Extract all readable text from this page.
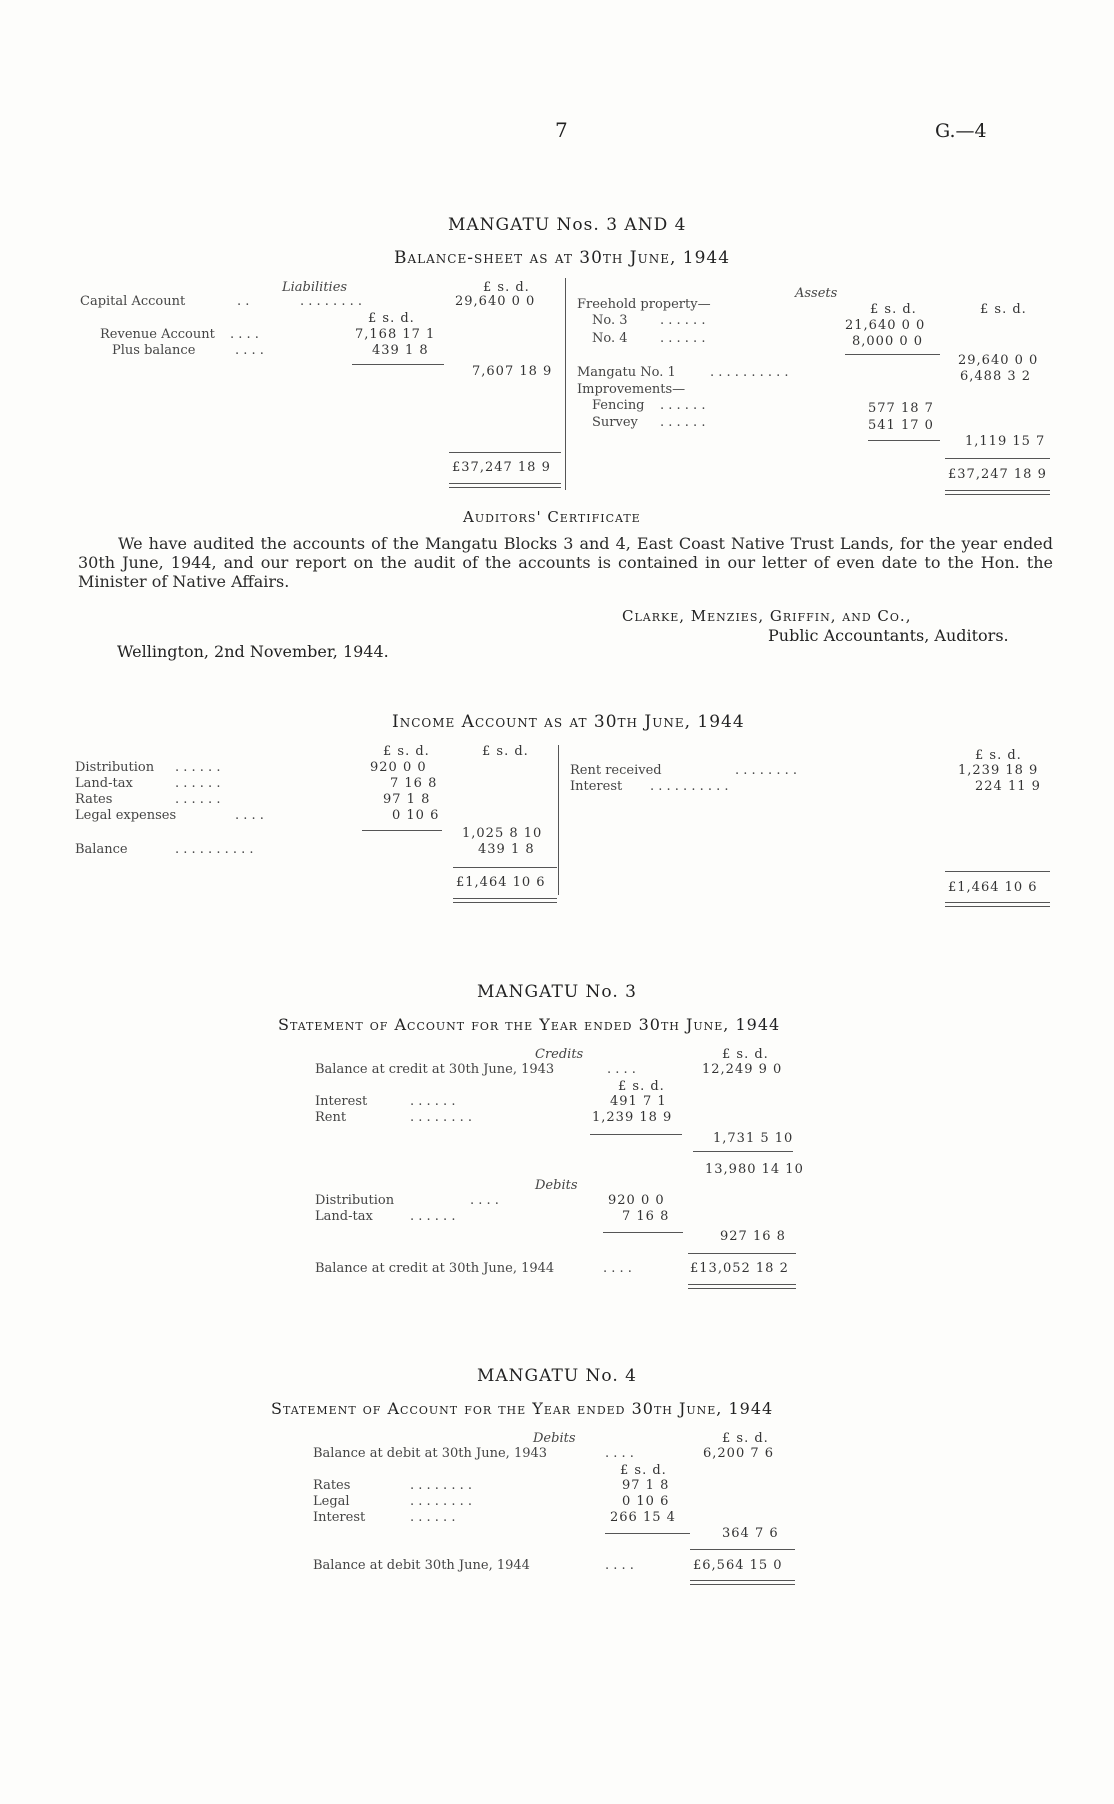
7	G.—4
MANGATU Nos. 3 AND 4
Balance-sheet as at 30th June, 1944
Liabilities	£ s. d.
Capital Account	. .	. . . . . . . .	29,640 0 0
£ s. d.
Revenue Account . . . .	7,168 17 1
Plus balance	. . . .	439 1 8
7,607 18 9
£37,247 18 9
Assets
£ s. d.	£ s. d.
Freehold property—
No. 3 . . . . . .	21,640 0 0
No. 4 . . . . . .	8,000 0 0
29,640 0 0
Mangatu No. 1	. . . . . . . . . .	6,488 3 2
Improvements—
Fencing . . . . . .	577 18 7
Survey . . . . . .	541 17 0
1,119 15 7
£37,247 18 9
Auditors' Certificate
We have audited the accounts of the Mangatu Blocks 3 and 4, East Coast Native Trust Lands, for the year ended 30th June, 1944, and our report on the audit of the accounts is contained in our letter of even date to the Hon. the Minister of Native Affairs.
Clarke, Menzies, Griffin, and Co.,
Public Accountants, Auditors.
Wellington, 2nd November, 1944.
Income Account as at 30th June, 1944
£ s. d.	£ s. d.
Distribution . . . . . .	920 0 0
Land-tax	. . . . . .	7 16 8
Rates	. . . . . .	97 1 8
Legal expenses	. . . .	0 10 6
1,025 8 10
Balance	. . . . . . . . . .	439 1 8
£1,464 10 6
£ s. d.
Rent received	. . . . . . . .	1,239 18 9
Interest . . . . . . . . . .	224 11 9
£1,464 10 6
MANGATU No. 3
Statement of Account for the Year ended 30th June, 1944
Credits	£ s. d.
Balance at credit at 30th June, 1943	. . . .	12,249 9 0
£ s. d.
Interest	. . . . . .	491 7 1
Rent	. . . . . . . .	1,239 18 9
1,731 5 10
13,980 14 10
Debits
Distribution	. . . .	920 0 0
Land-tax	. . . . . .	7 16 8
927 16 8
Balance at credit at 30th June, 1944	. . . .	£13,052 18 2
MANGATU No. 4
Statement of Account for the Year ended 30th June, 1944
Debits	£ s. d.
Balance at debit at 30th June, 1943	. . . .	6,200 7 6
£ s. d.
Rates	. . . . . . . .	97 1 8
Legal	. . . . . . . .	0 10 6
Interest	. . . . . .	266 15 4
364 7 6
Balance at debit 30th June, 1944	. . . .	£6,564 15 0
